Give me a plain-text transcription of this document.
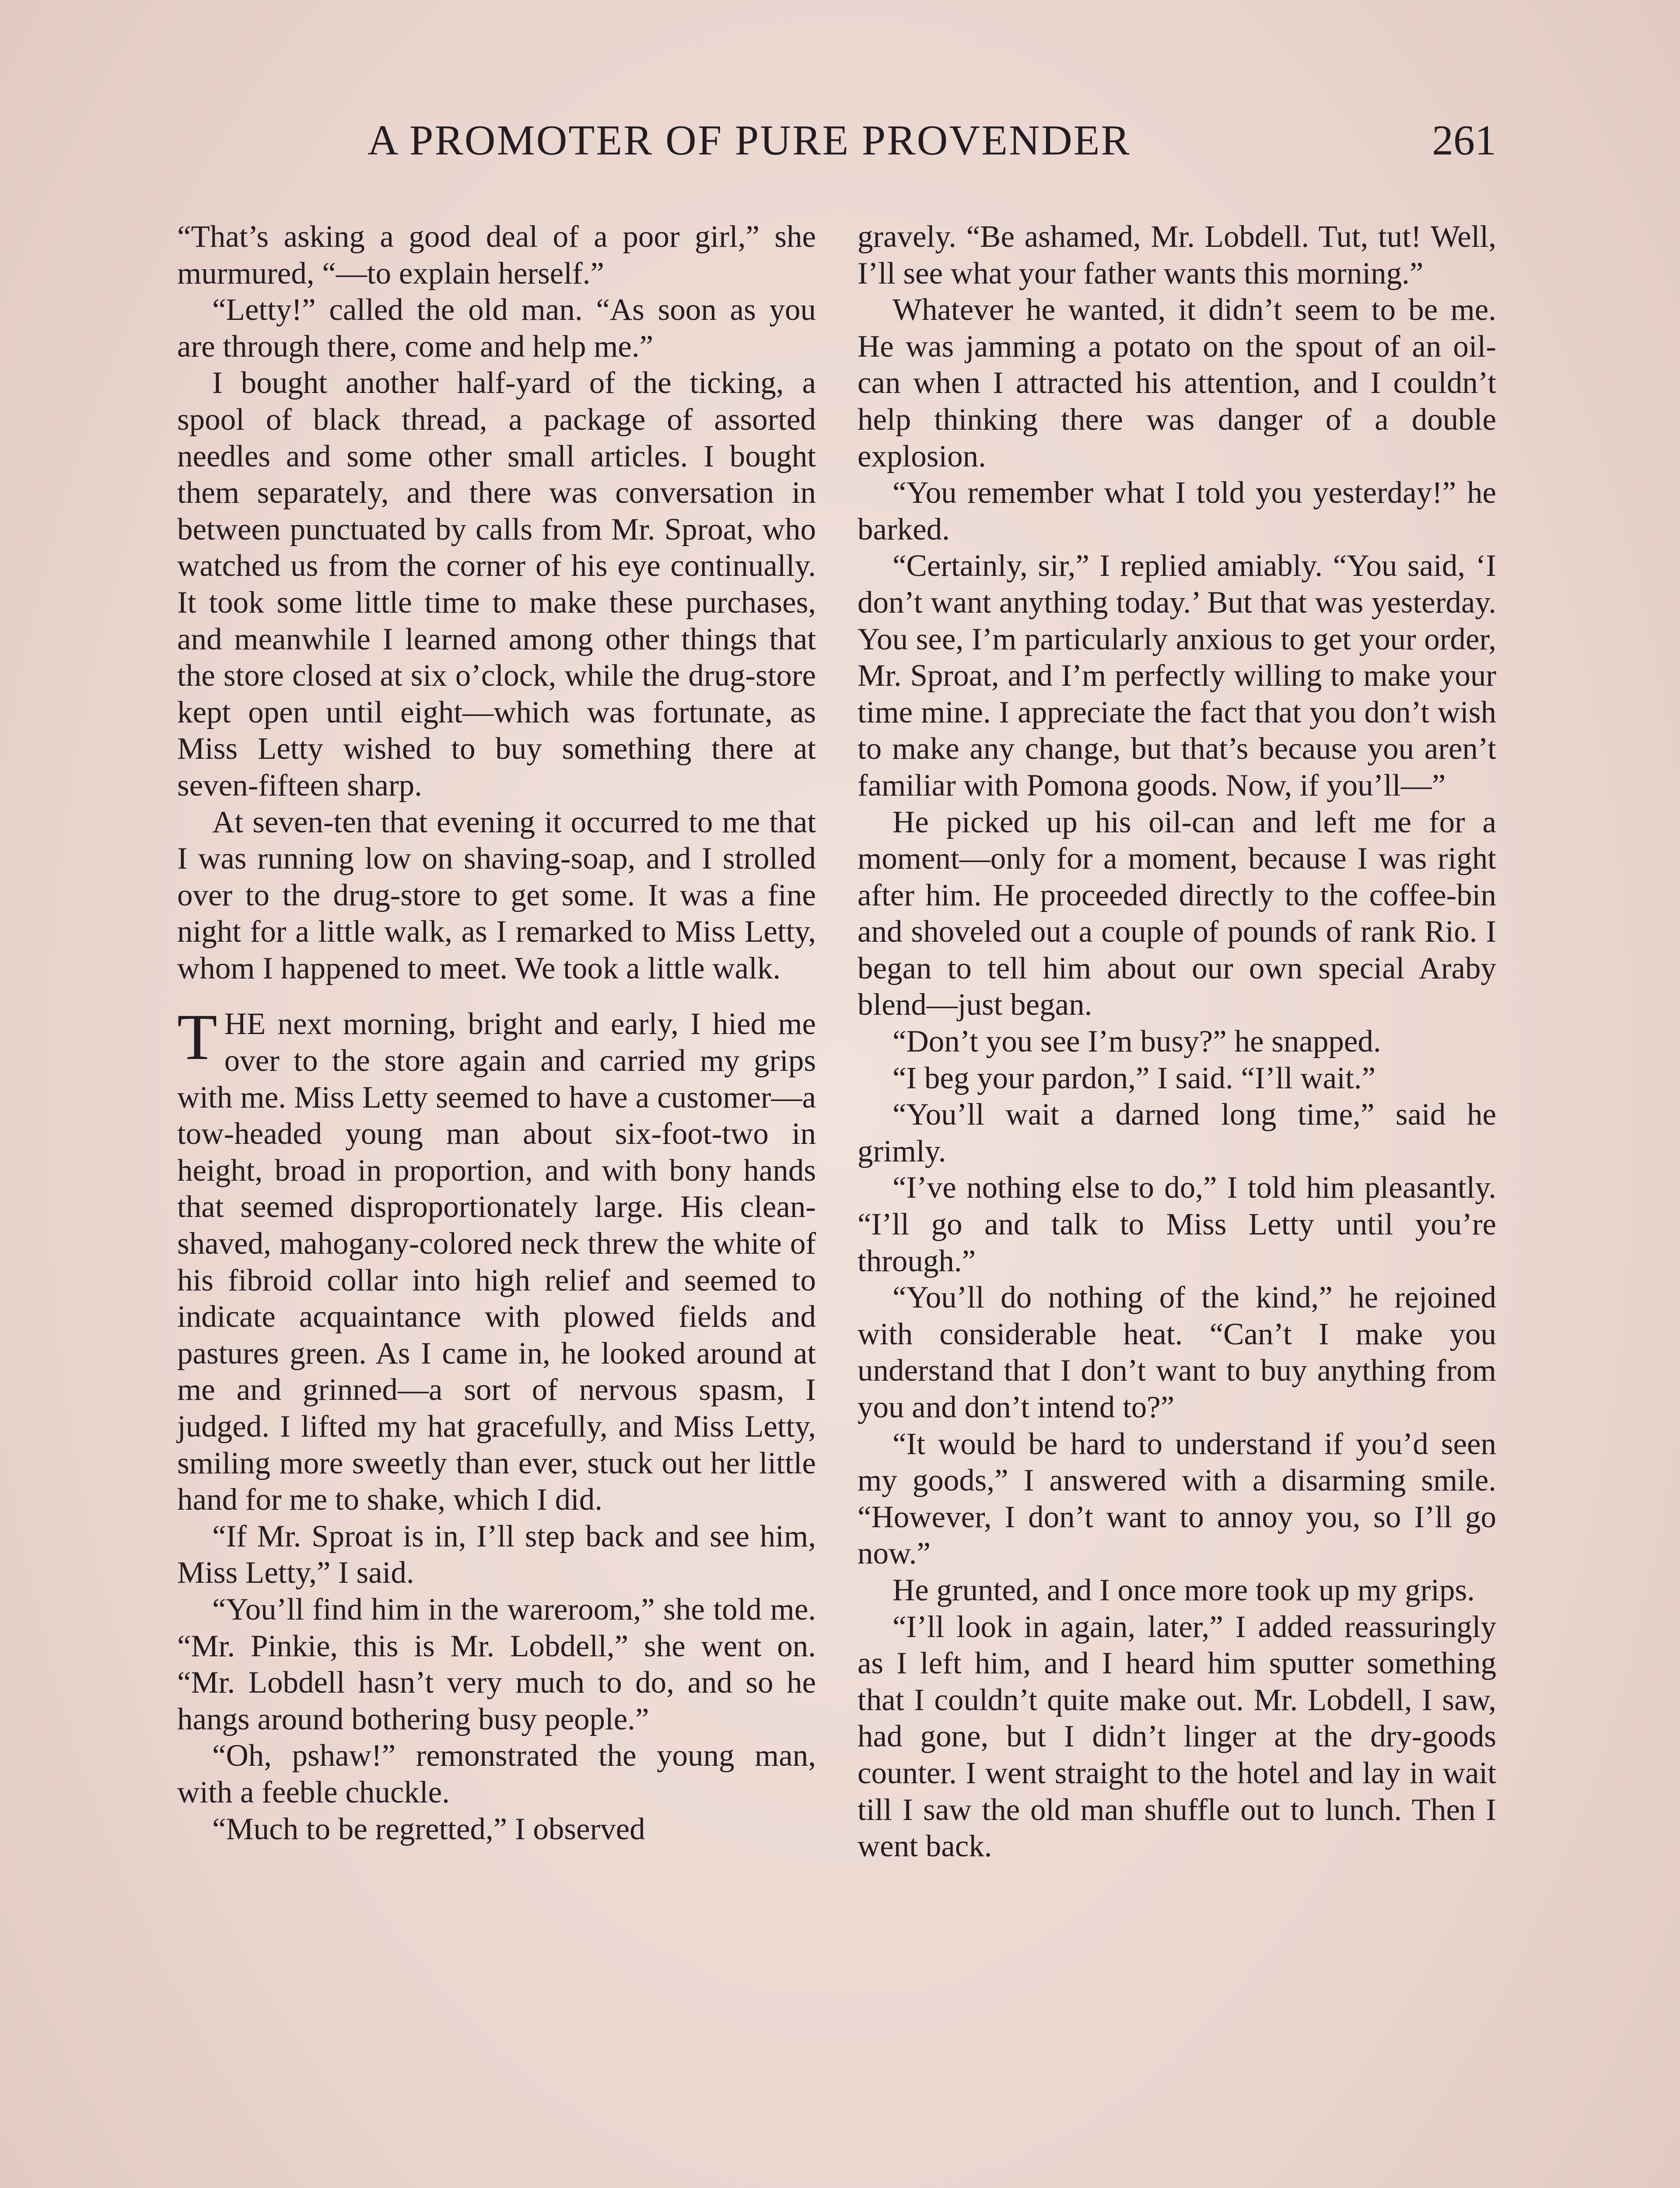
A PROMOTER OF PURE PROVENDER	261

“That’s asking a good deal of a poor girl,” she murmured, “—to explain herself.”

“Letty!” called the old man. “As soon as you are through there, come and help me.”

I bought another half-yard of the ticking, a spool of black thread, a package of assorted needles and some other small articles. I bought them separately, and there was conversation in between punctuated by calls from Mr. Sproat, who watched us from the corner of his eye continually. It took some little time to make these purchases, and meanwhile I learned among other things that the store closed at six o’clock, while the drug-store kept open until eight—which was fortunate, as Miss Letty wished to buy something there at seven-fifteen sharp.

At seven-ten that evening it occurred to me that I was running low on shaving-soap, and I strolled over to the drug-store to get some. It was a fine night for a little walk, as I remarked to Miss Letty, whom I happened to meet. We took a little walk.

THE next morning, bright and early, I hied me over to the store again and carried my grips with me. Miss Letty seemed to have a customer—a tow-headed young man about six-foot-two in height, broad in proportion, and with bony hands that seemed disproportionately large. His clean-shaved, mahogany-colored neck threw the white of his fibroid collar into high relief and seemed to indicate acquaintance with plowed fields and pastures green. As I came in, he looked around at me and grinned—a sort of nervous spasm, I judged. I lifted my hat gracefully, and Miss Letty, smiling more sweetly than ever, stuck out her little hand for me to shake, which I did.

“If Mr. Sproat is in, I’ll step back and see him, Miss Letty,” I said.

“You’ll find him in the wareroom,” she told me. “Mr. Pinkie, this is Mr. Lobdell,” she went on. “Mr. Lobdell hasn’t very much to do, and so he hangs around bothering busy people.”

“Oh, pshaw!” remonstrated the young man, with a feeble chuckle.

“Much to be regretted,” I observed

gravely. “Be ashamed, Mr. Lobdell. Tut, tut! Well, I’ll see what your father wants this morning.”

Whatever he wanted, it didn’t seem to be me. He was jamming a potato on the spout of an oil-can when I attracted his attention, and I couldn’t help thinking there was danger of a double explosion.

“You remember what I told you yesterday!” he barked.

“Certainly, sir,” I replied amiably. “You said, ‘I don’t want anything today.’ But that was yesterday. You see, I’m particularly anxious to get your order, Mr. Sproat, and I’m perfectly willing to make your time mine. I appreciate the fact that you don’t wish to make any change, but that’s because you aren’t familiar with Pomona goods. Now, if you’ll—”

He picked up his oil-can and left me for a moment—only for a moment, because I was right after him. He proceeded directly to the coffee-bin and shoveled out a couple of pounds of rank Rio. I began to tell him about our own special Araby blend—just began.

“Don’t you see I’m busy?” he snapped.

“I beg your pardon,” I said. “I’ll wait.”

“You’ll wait a darned long time,” said he grimly.

“I’ve nothing else to do,” I told him pleasantly. “I’ll go and talk to Miss Letty until you’re through.”

“You’ll do nothing of the kind,” he rejoined with considerable heat. “Can’t I make you understand that I don’t want to buy anything from you and don’t intend to?”

“It would be hard to understand if you’d seen my goods,” I answered with a disarming smile. “However, I don’t want to annoy you, so I’ll go now.”

He grunted, and I once more took up my grips.

“I’ll look in again, later,” I added reassuringly as I left him, and I heard him sputter something that I couldn’t quite make out. Mr. Lobdell, I saw, had gone, but I didn’t linger at the dry-goods counter. I went straight to the hotel and lay in wait till I saw the old man shuffle out to lunch. Then I went back.
